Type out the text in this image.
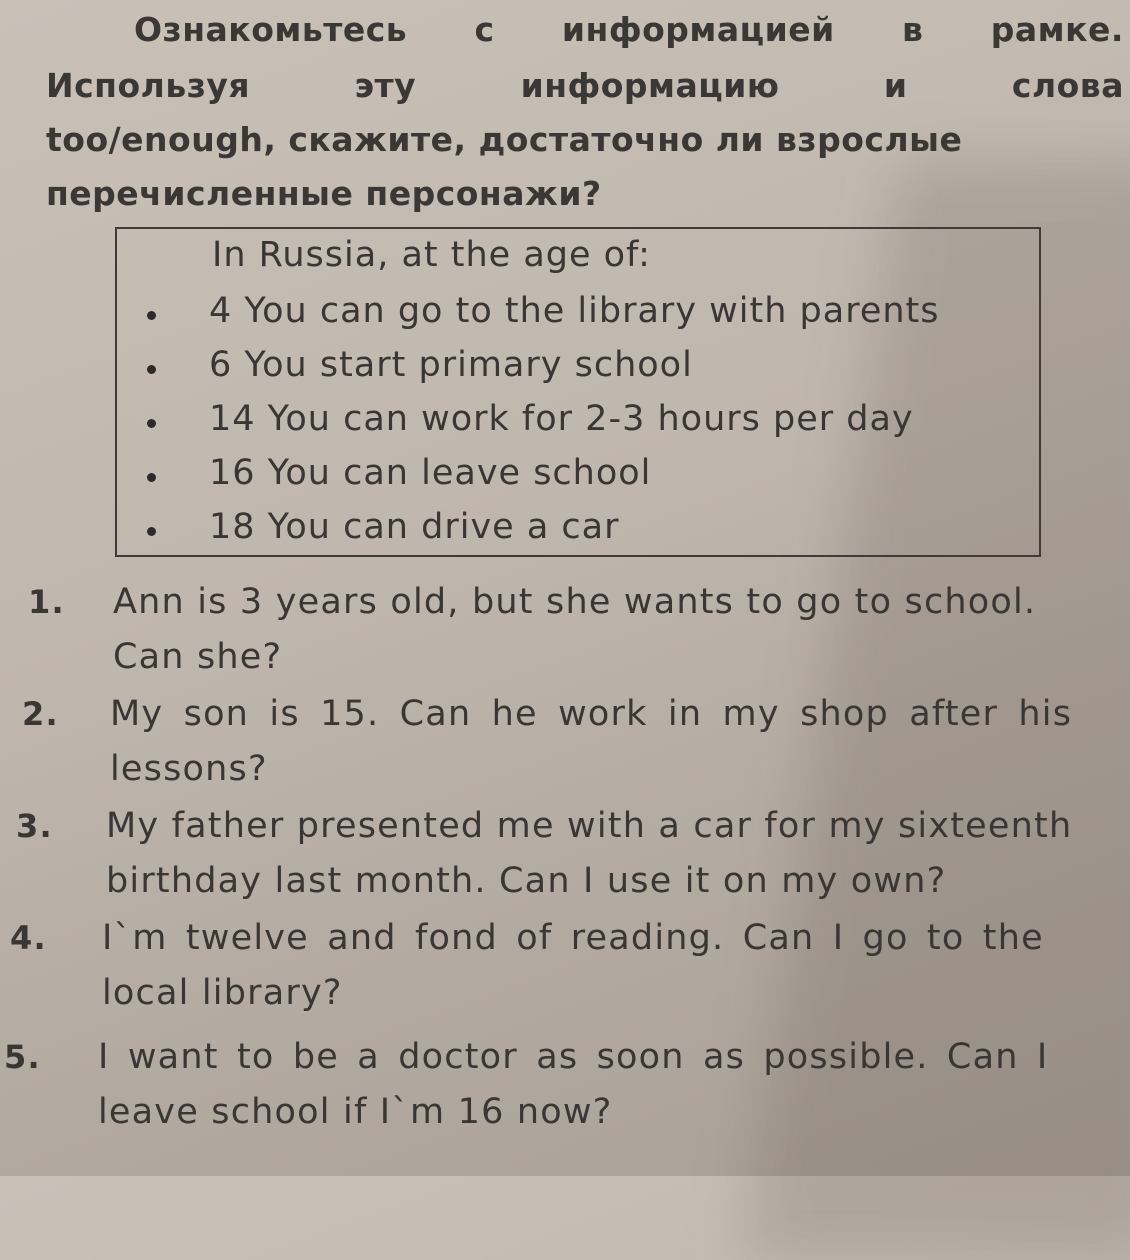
Ознакомьтесь с информацией в рамке.
Используя	эту	информацию	и	слова
too/enough, скажите, достаточно ли взрослые
перечисленные персонажи?
In Russia, at the age of:
4 You can go to the library with parents
6 You start primary school
14 You can work for 2-3 hours per day
16 You can leave school
18 You can drive a car
1. Ann is 3 years old, but she wants to go to school.
Can she?
2. My son is 15. Can he work in my shop after his
lessons?
3. My father presented me with a car for my sixteenth
birthday last month. Can I use it on my own?
4. I`m twelve and fond of reading. Can I go to the
local library?
5. I want to be a doctor as soon as possible. Can I
leave school if I`m 16 now?
